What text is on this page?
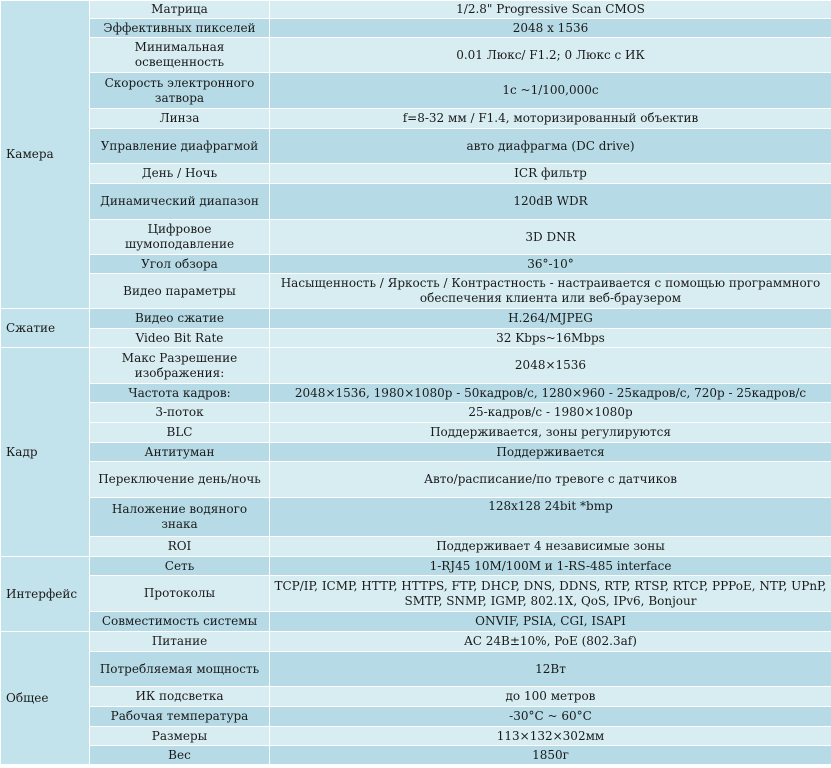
Камера	Матрица	1/2.8" Progressive Scan CMOS
	Эффективных пикселей	2048 x 1536
	Минимальная освещенность	0.01 Люкс/ F1.2; 0 Люкс с ИК
	Скорость электронного затвора	1с ~1/100,000с
	Линза	f=8-32 мм / F1.4, моторизированный объектив
	Управление диафрагмой	авто диафрагма (DC drive)
	День / Ночь	ICR фильтр
	Динамический диапазон	120dB WDR
	Цифровое шумоподавление	3D DNR
	Угол обзора	36°-10°
	Видео параметры	Насыщенность / Яркость / Контрастность - настраивается с помощью программного обеспечения клиента или веб-браузером
Сжатие	Видео сжатие	H.264/MJPEG
	Video Bit Rate	32 Kbps~16Mbps
Кадр	Макс Разрешение изображения:	2048×1536
	Частота кадров:	2048×1536, 1980×1080р - 50кадров/с, 1280×960 - 25кадров/с, 720p - 25кадров/с
	3-поток	25-кадров/с - 1980×1080р
	BLC	Поддерживается, зоны регулируются
	Антитуман	Поддерживается
	Переключение день/ночь	Авто/расписание/по тревоге с датчиков
	Наложение водяного знака	128x128 24bit *bmp
	ROI	Поддерживает 4 независимые зоны
Интерфейс	Сеть	1-RJ45 10M/100M и 1-RS-485 interface
	Протоколы	TCP/IP, ICMP, HTTP, HTTPS, FTP, DHCP, DNS, DDNS, RTP, RTSP, RTCP, PPPoE, NTP, UPnP, SMTP, SNMP, IGMP, 802.1X, QoS, IPv6, Bonjour
	Совместимость системы	ONVIF, PSIA, CGI, ISAPI
Общее	Питание	AC 24В±10%, PoE (802.3af)
	Потребляемая мощность	12Вт
	ИК подсветка	до 100 метров
	Рабочая температура	-30°C ~ 60°C
	Размеры	113×132×302мм
	Вес	1850г
